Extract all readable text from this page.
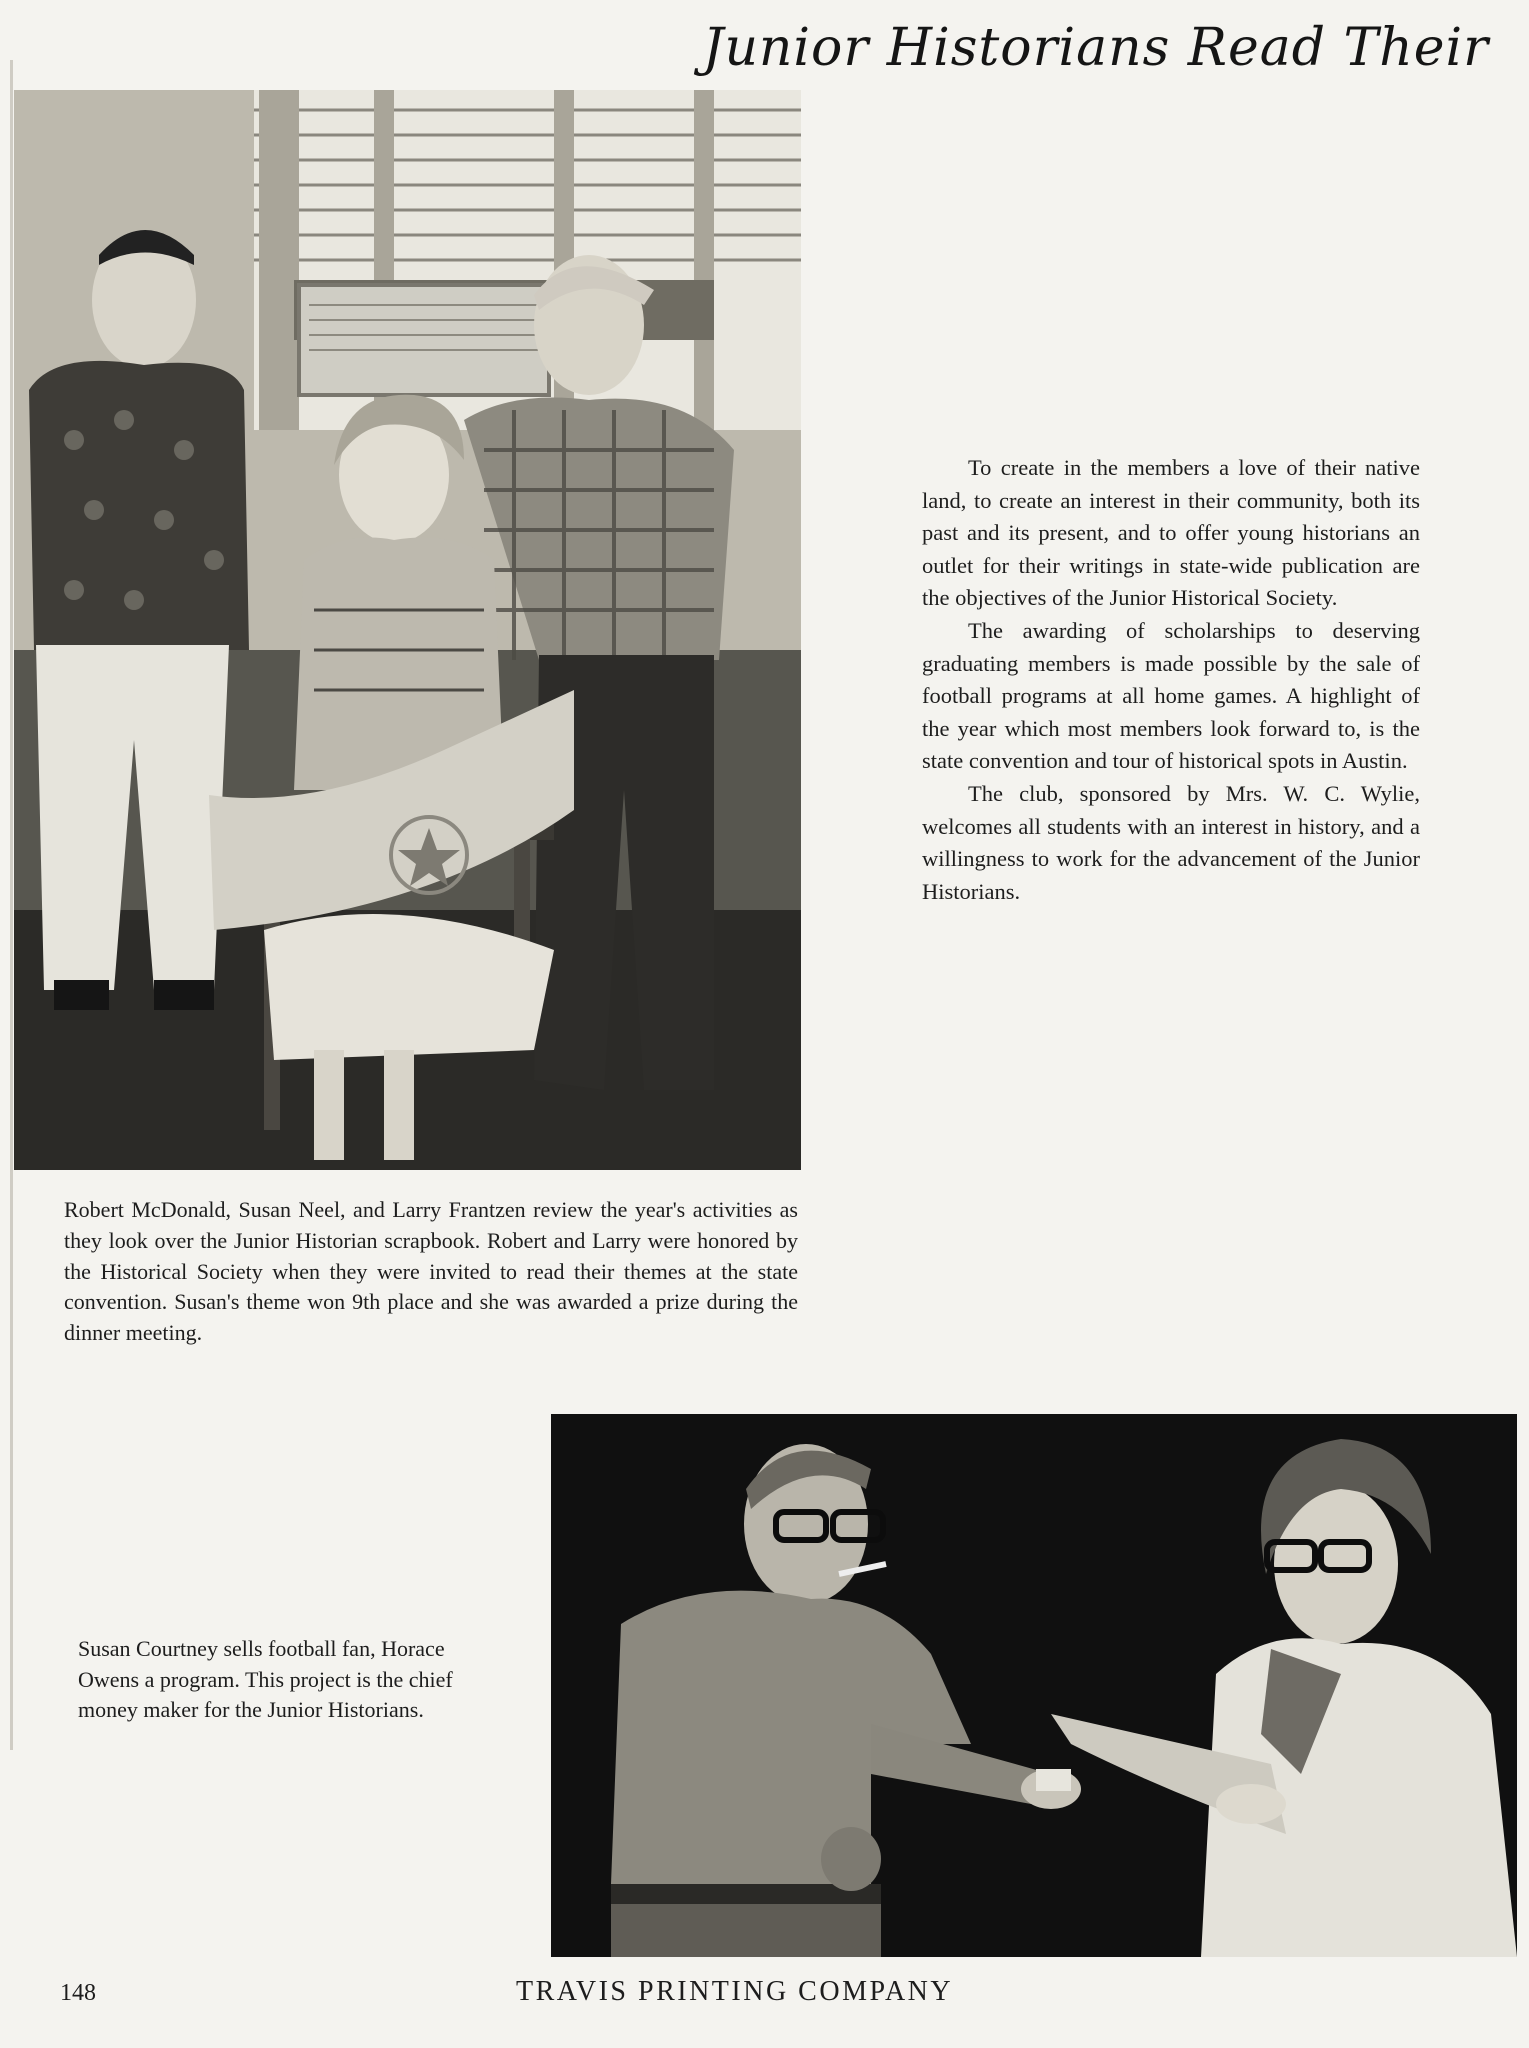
Junior Historians Read Their

To create in the members a love of their native land, to create an interest in their community, both its past and its present, and to offer young historians an outlet for their writings in state-wide publication are the objectives of the Junior Historical Society.

The awarding of scholarships to deserving graduating members is made possible by the sale of football programs at all home games. A highlight of the year which most members look forward to, is the state convention and tour of historical spots in Austin.

The club, sponsored by Mrs. W. C. Wylie, welcomes all students with an interest in history, and a willingness to work for the advancement of the Junior Historians.

Robert McDonald, Susan Neel, and Larry Frantzen review the year's activities as they look over the Junior Historian scrapbook. Robert and Larry were honored by the Historical Society when they were invited to read their themes at the state convention. Susan's theme won 9th place and she was awarded a prize during the dinner meeting.
Susan Courtney sells football fan, Horace Owens a program. This project is the chief money maker for the Junior Historians.
148	TRAVIS PRINTING COMPANY
